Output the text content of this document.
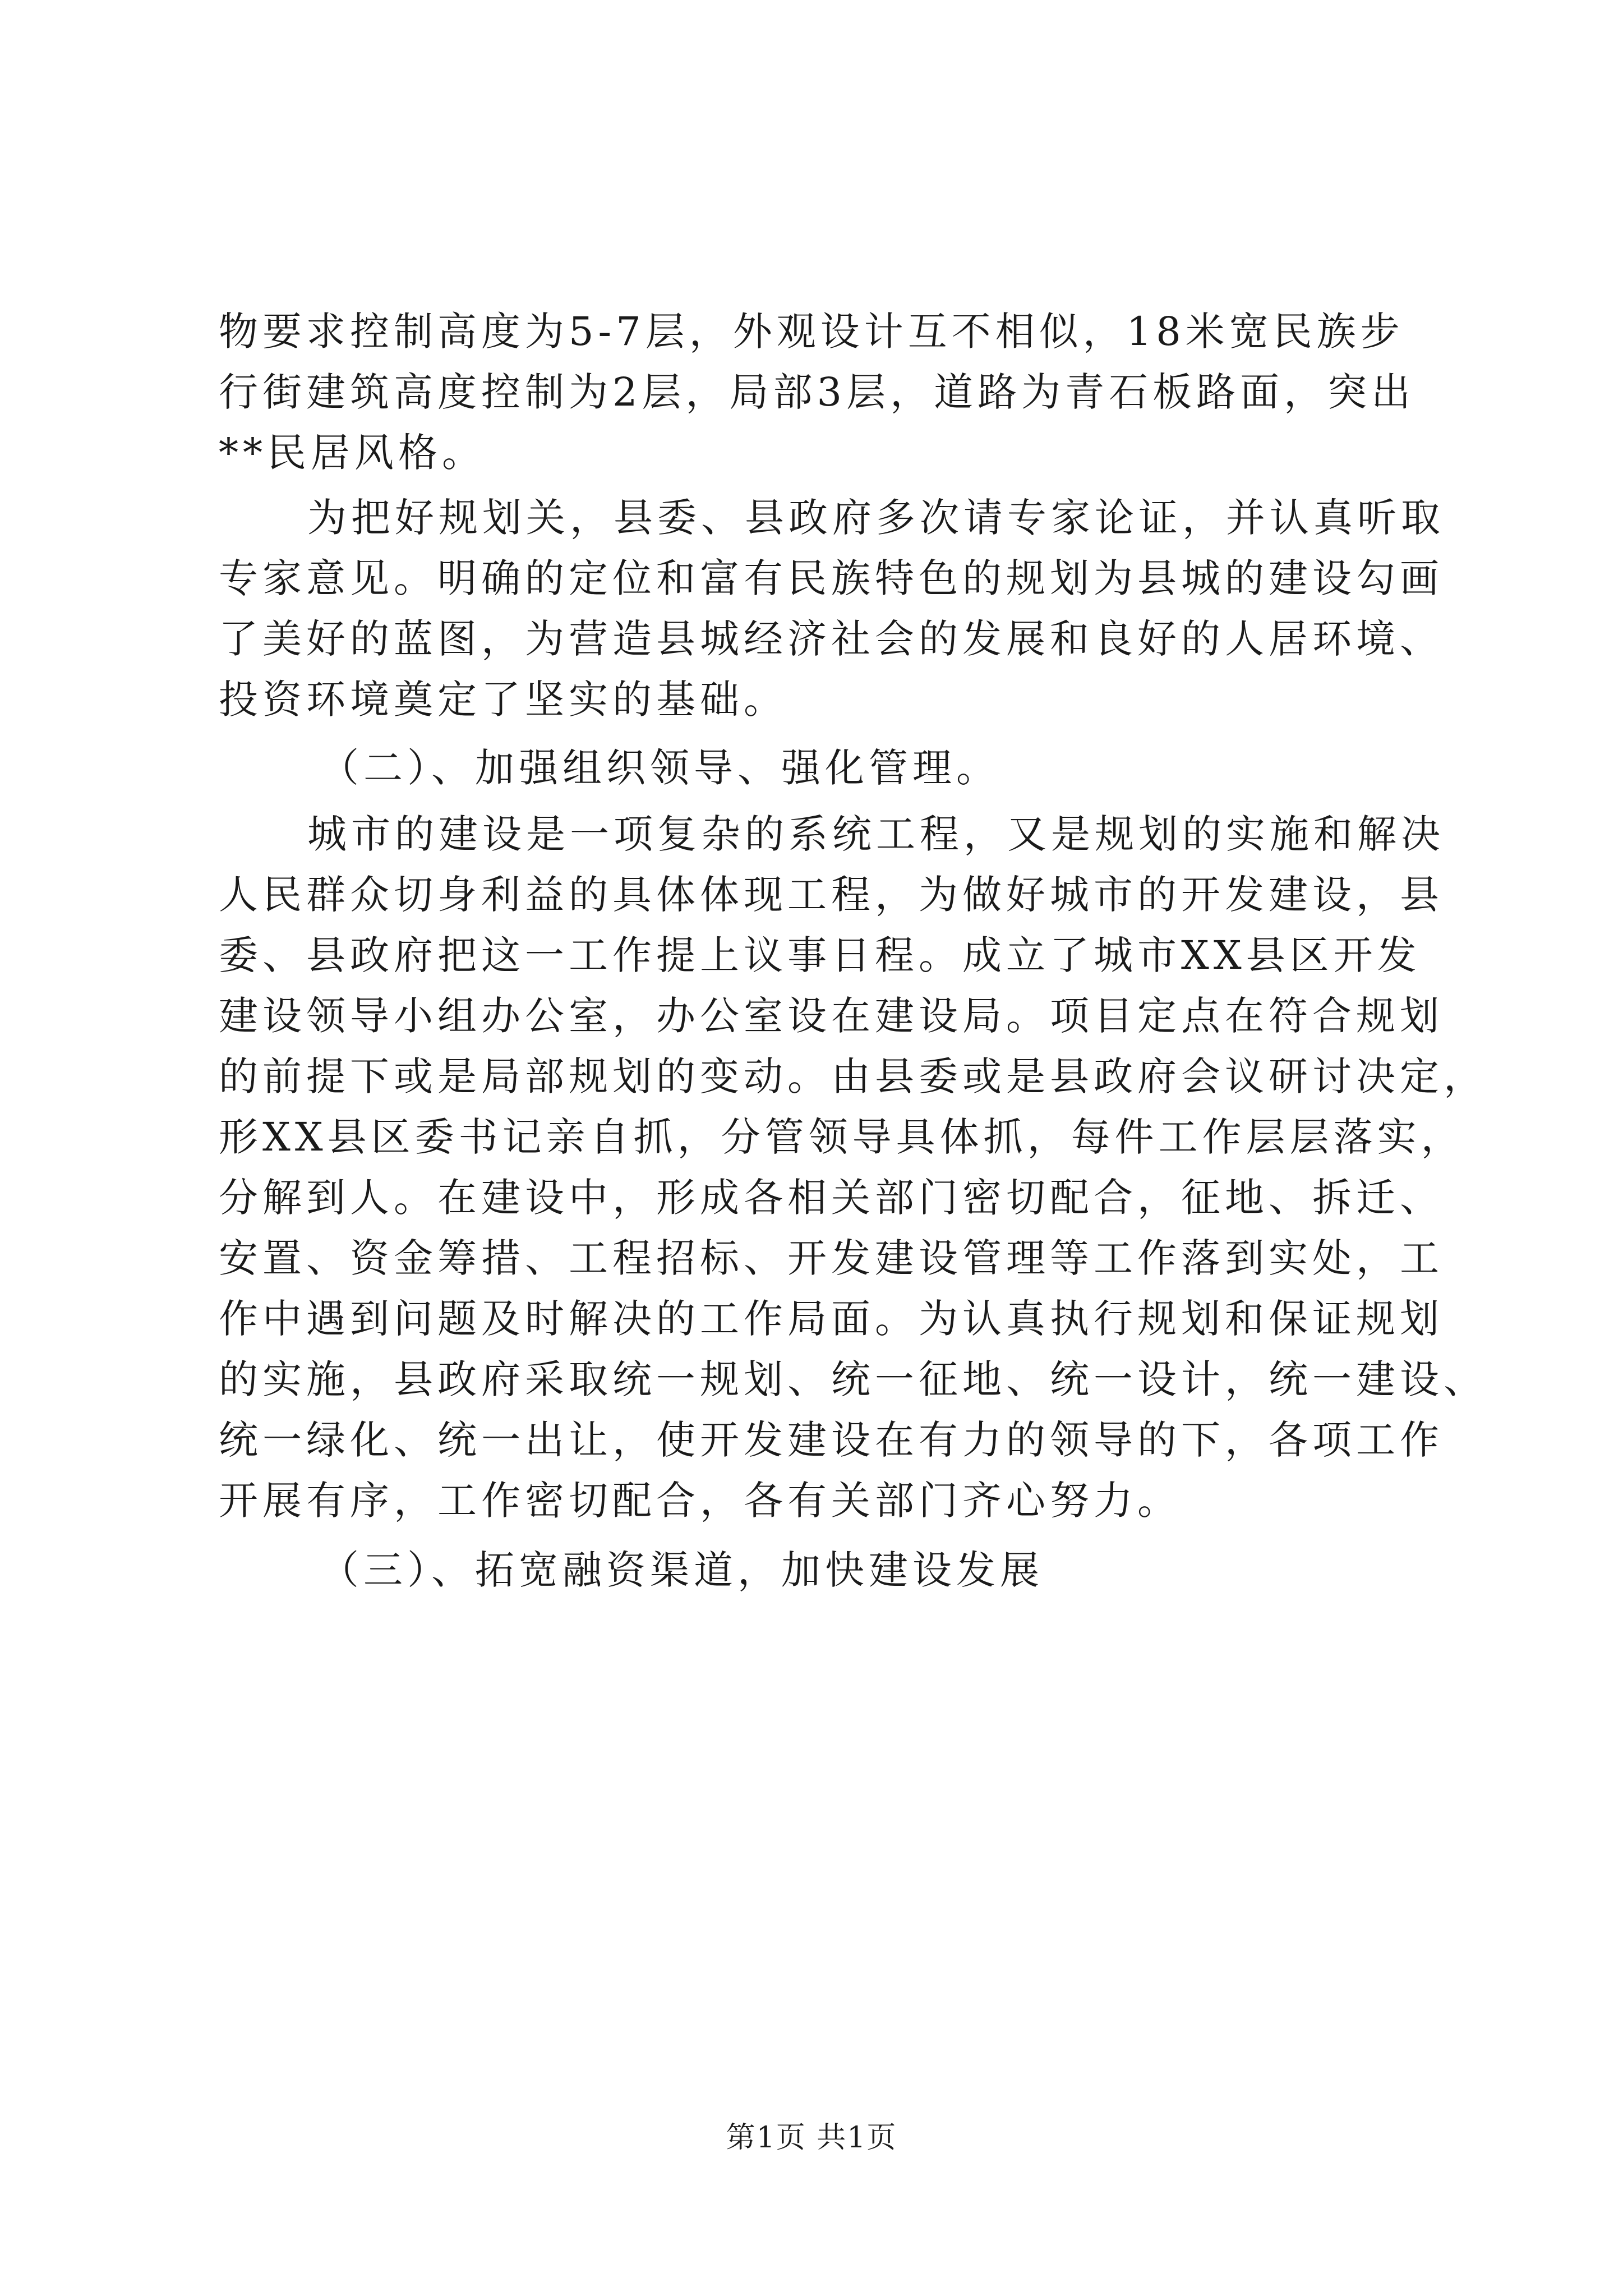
物要求控制高度为5-7层，外观设计互不相似，18米宽民族步
行街建筑高度控制为2层，局部3层，道路为青石板路面，突出
**民居风格。
为把好规划关，县委、县政府多次请专家论证，并认真听取
专家意见。明确的定位和富有民族特色的规划为县城的建设勾画
了美好的蓝图，为营造县城经济社会的发展和良好的人居环境、
投资环境奠定了坚实的基础。
（二）、加强组织领导、强化管理。
城市的建设是一项复杂的系统工程，又是规划的实施和解决
人民群众切身利益的具体体现工程，为做好城市的开发建设，县
委、县政府把这一工作提上议事日程。成立了城市XX县区开发
建设领导小组办公室，办公室设在建设局。项目定点在符合规划
的前提下或是局部规划的变动。由县委或是县政府会议研讨决定，
形XX县区委书记亲自抓，分管领导具体抓，每件工作层层落实，
分解到人。在建设中，形成各相关部门密切配合，征地、拆迁、
安置、资金筹措、工程招标、开发建设管理等工作落到实处，工
作中遇到问题及时解决的工作局面。为认真执行规划和保证规划
的实施，县政府采取统一规划、统一征地、统一设计，统一建设、
统一绿化、统一出让，使开发建设在有力的领导的下，各项工作
开展有序，工作密切配合，各有关部门齐心努力。
（三）、拓宽融资渠道，加快建设发展
第1页 共1页
